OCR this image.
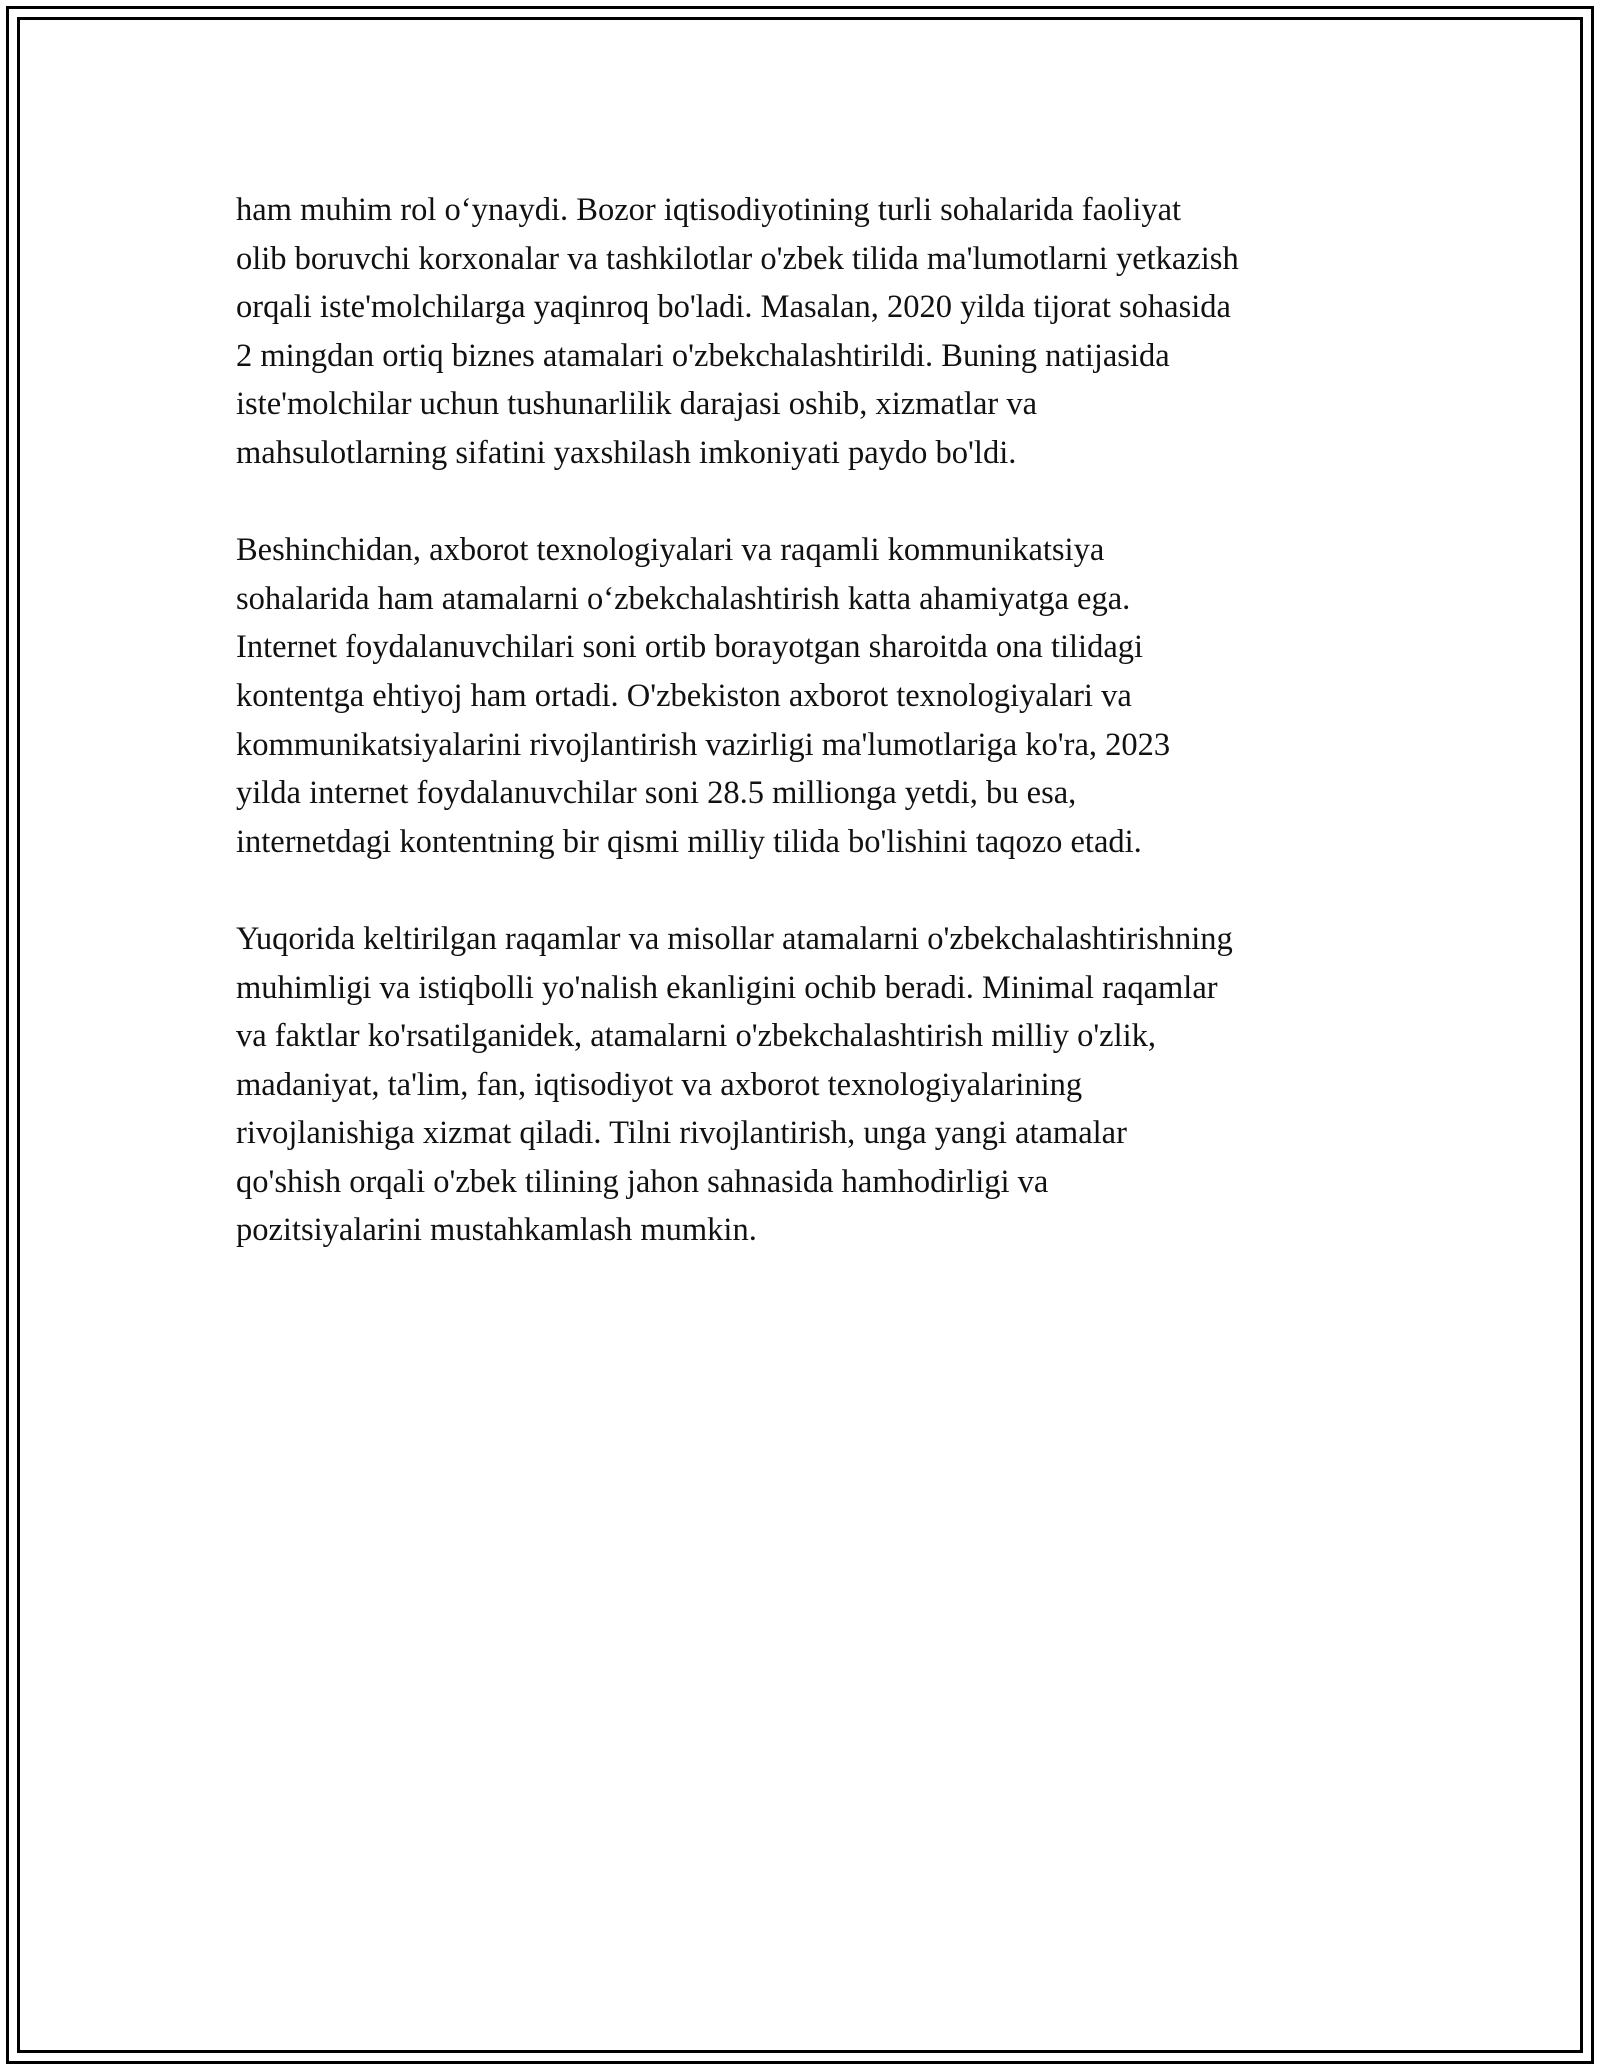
ham muhim rol o‘ynaydi. Bozor iqtisodiyotining turli sohalarida faoliyat
olib boruvchi korxonalar va tashkilotlar o'zbek tilida ma'lumotlarni yetkazish
orqali iste'molchilarga yaqinroq bo'ladi. Masalan, 2020 yilda tijorat sohasida
2 mingdan ortiq biznes atamalari o'zbekchalashtirildi. Buning natijasida
iste'molchilar uchun tushunarlilik darajasi oshib, xizmatlar va
mahsulotlarning sifatini yaxshilash imkoniyati paydo bo'ldi.

Beshinchidan, axborot texnologiyalari va raqamli kommunikatsiya
sohalarida ham atamalarni o‘zbekchalashtirish katta ahamiyatga ega.
Internet foydalanuvchilari soni ortib borayotgan sharoitda ona tilidagi
kontentga ehtiyoj ham ortadi. O'zbekiston axborot texnologiyalari va
kommunikatsiyalarini rivojlantirish vazirligi ma'lumotlariga ko'ra, 2023
yilda internet foydalanuvchilar soni 28.5 millionga yetdi, bu esa,
internetdagi kontentning bir qismi milliy tilida bo'lishini taqozo etadi.

Yuqorida keltirilgan raqamlar va misollar atamalarni o'zbekchalashtirishning
muhimligi va istiqbolli yo'nalish ekanligini ochib beradi. Minimal raqamlar
va faktlar ko'rsatilganidek, atamalarni o'zbekchalashtirish milliy o'zlik,
madaniyat, ta'lim, fan, iqtisodiyot va axborot texnologiyalarining
rivojlanishiga xizmat qiladi. Tilni rivojlantirish, unga yangi atamalar
qo'shish orqali o'zbek tilining jahon sahnasida hamhodirligi va
pozitsiyalarini mustahkamlash mumkin.
